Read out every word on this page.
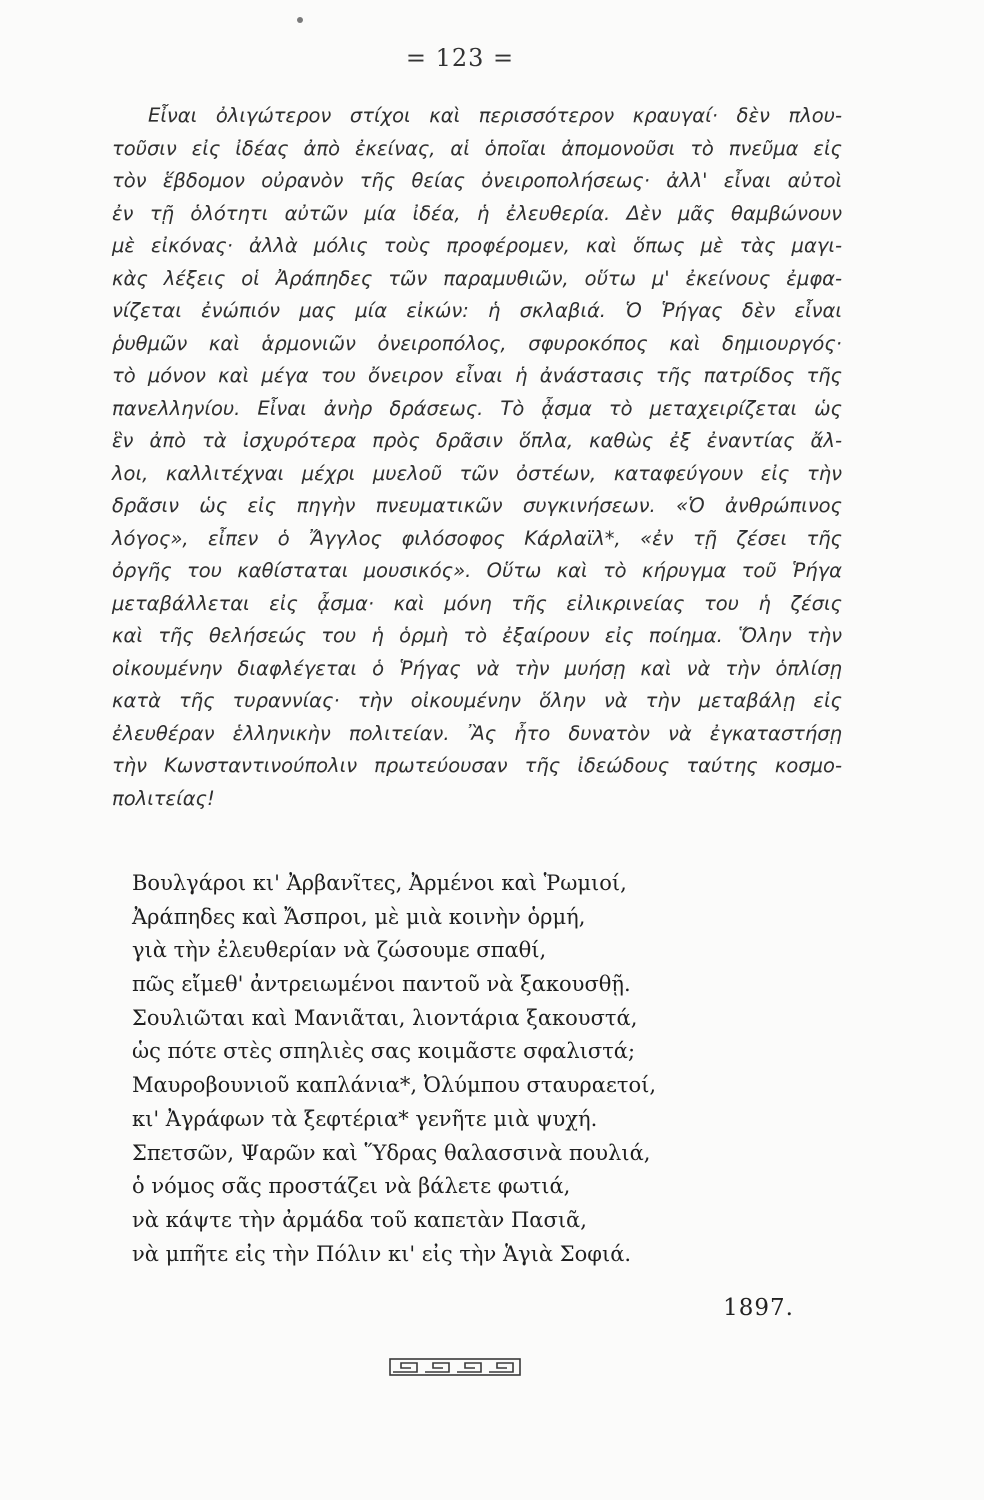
= 123 =
Εἶναι ὀλιγώτερον στίχοι καὶ περισσότερον κραυγαί· δὲν πλου-
τοῦσιν εἰς ἰδέας ἀπὸ ἐκείνας, αἱ ὁποῖαι ἀπομονοῦσι τὸ πνεῦμα εἰς
τὸν ἕβδομον οὐρανὸν τῆς θείας ὀνειροπολήσεως· ἀλλ' εἶναι αὐτοὶ
ἐν τῇ ὁλότητι αὐτῶν μία ἰδέα, ἡ ἐλευθερία. Δὲν μᾶς θαμβώνουν
μὲ εἰκόνας· ἀλλὰ μόλις τοὺς προφέρομεν, καὶ ὅπως μὲ τὰς μαγι-
κὰς λέξεις οἱ Ἀράπηδες τῶν παραμυθιῶν, οὕτω μ' ἐκείνους ἐμφα-
νίζεται ἐνώπιόν μας μία εἰκών: ἡ σκλαβιά. Ὁ Ῥήγας δὲν εἶναι
ῥυθμῶν καὶ ἁρμονιῶν ὀνειροπόλος, σφυροκόπος καὶ δημιουργός·
τὸ μόνον καὶ μέγα του ὄνειρον εἶναι ἡ ἀνάστασις τῆς πατρίδος τῆς
πανελληνίου. Εἶναι ἀνὴρ δράσεως. Τὸ ᾆσμα τὸ μεταχειρίζεται ὡς
ἓν ἀπὸ τὰ ἰσχυρότερα πρὸς δρᾶσιν ὅπλα, καθὼς ἐξ ἐναντίας ἄλ-
λοι, καλλιτέχναι μέχρι μυελοῦ τῶν ὀστέων, καταφεύγουν εἰς τὴν
δρᾶσιν ὡς εἰς πηγὴν πνευματικῶν συγκινήσεων. «Ὁ ἀνθρώπινος
λόγος», εἶπεν ὁ Ἄγγλος φιλόσοφος Κάρλαϊλ*, «ἐν τῇ ζέσει τῆς
ὀργῆς του καθίσταται μουσικός». Οὕτω καὶ τὸ κήρυγμα τοῦ Ῥήγα
μεταβάλλεται εἰς ᾆσμα· καὶ μόνη τῆς εἰλικρινείας του ἡ ζέσις
καὶ τῆς θελήσεώς του ἡ ὁρμὴ τὸ ἐξαίρουν εἰς ποίημα. Ὅλην τὴν
οἰκουμένην διαφλέγεται ὁ Ῥήγας νὰ τὴν μυήσῃ καὶ νὰ τὴν ὁπλίσῃ
κατὰ τῆς τυραννίας· τὴν οἰκουμένην ὅλην νὰ τὴν μεταβάλῃ εἰς
ἐλευθέραν ἑλληνικὴν πολιτείαν. Ἂς ἦτο δυνατὸν νὰ ἐγκαταστήσῃ
τὴν Κωνσταντινούπολιν πρωτεύουσαν τῆς ἰδεώδους ταύτης κοσμο-
πολιτείας!
Βουλγάροι κι' Ἀρβανῖτες, Ἀρμένοι καὶ Ῥωμιοί,
Ἀράπηδες καὶ Ἄσπροι, μὲ μιὰ κοινὴν ὁρμή,
γιὰ τὴν ἐλευθερίαν νὰ ζώσουμε σπαθί,
πῶς εἴμεθ' ἀντρειωμένοι παντοῦ νὰ ξακουσθῇ.
Σουλιῶται καὶ Μανιᾶται, λιοντάρια ξακουστά,
ὡς πότε στὲς σπηλιὲς σας κοιμᾶστε σφαλιστά;
Μαυροβουνιοῦ καπλάνια*, Ὀλύμπου σταυραετοί,
κι' Ἀγράφων τὰ ξεφτέρια* γενῆτε μιὰ ψυχή.
Σπετσῶν, Ψαρῶν καὶ Ὕδρας θαλασσινὰ πουλιά,
ὁ νόμος σᾶς προστάζει νὰ βάλετε φωτιά,
νὰ κάψτε τὴν ἀρμάδα τοῦ καπετὰν Πασιᾶ,
νὰ μπῆτε εἰς τὴν Πόλιν κι' εἰς τὴν Ἁγιὰ Σοφιά.
1897.
